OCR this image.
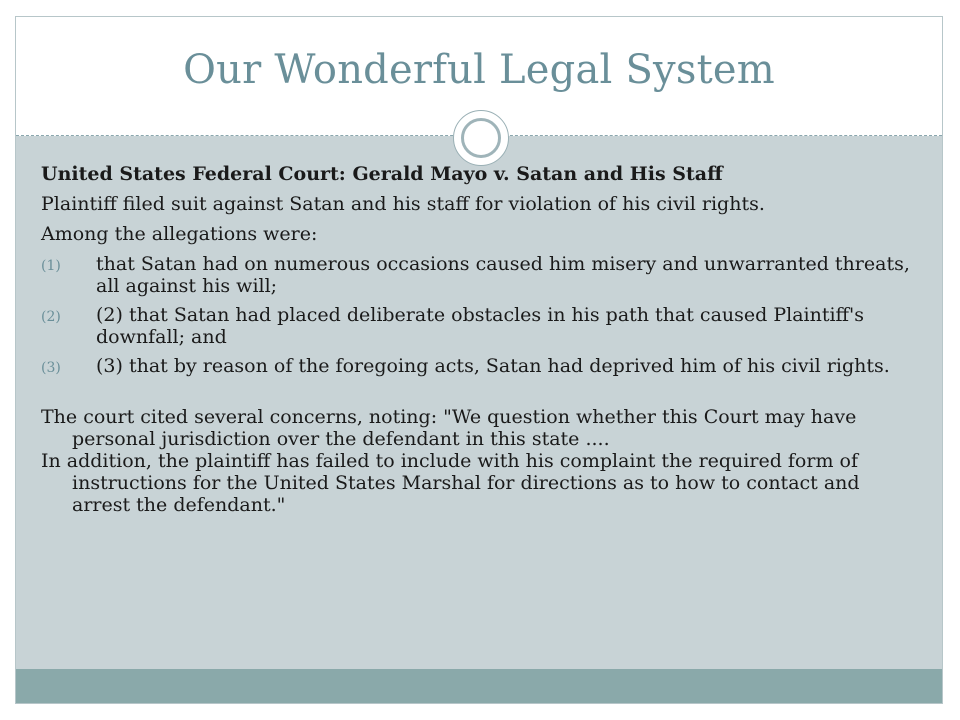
Our Wonderful Legal System

United States Federal Court: Gerald Mayo v. Satan and His Staff

Plaintiff filed suit against Satan and his staff for violation of his civil rights.

Among the allegations were:

(1) that Satan had on numerous occasions caused him misery and unwarranted threats, all against his will;
(2) (2) that Satan had placed deliberate obstacles in his path that caused Plaintiff's downfall; and
(3) (3) that by reason of the foregoing acts, Satan had deprived him of his civil rights.

The court cited several concerns, noting: "We question whether this Court may have personal jurisdiction over the defendant in this state ....

In addition, the plaintiff has failed to include with his complaint the required form of instructions for the United States Marshal for directions as to how to contact and arrest the defendant."
